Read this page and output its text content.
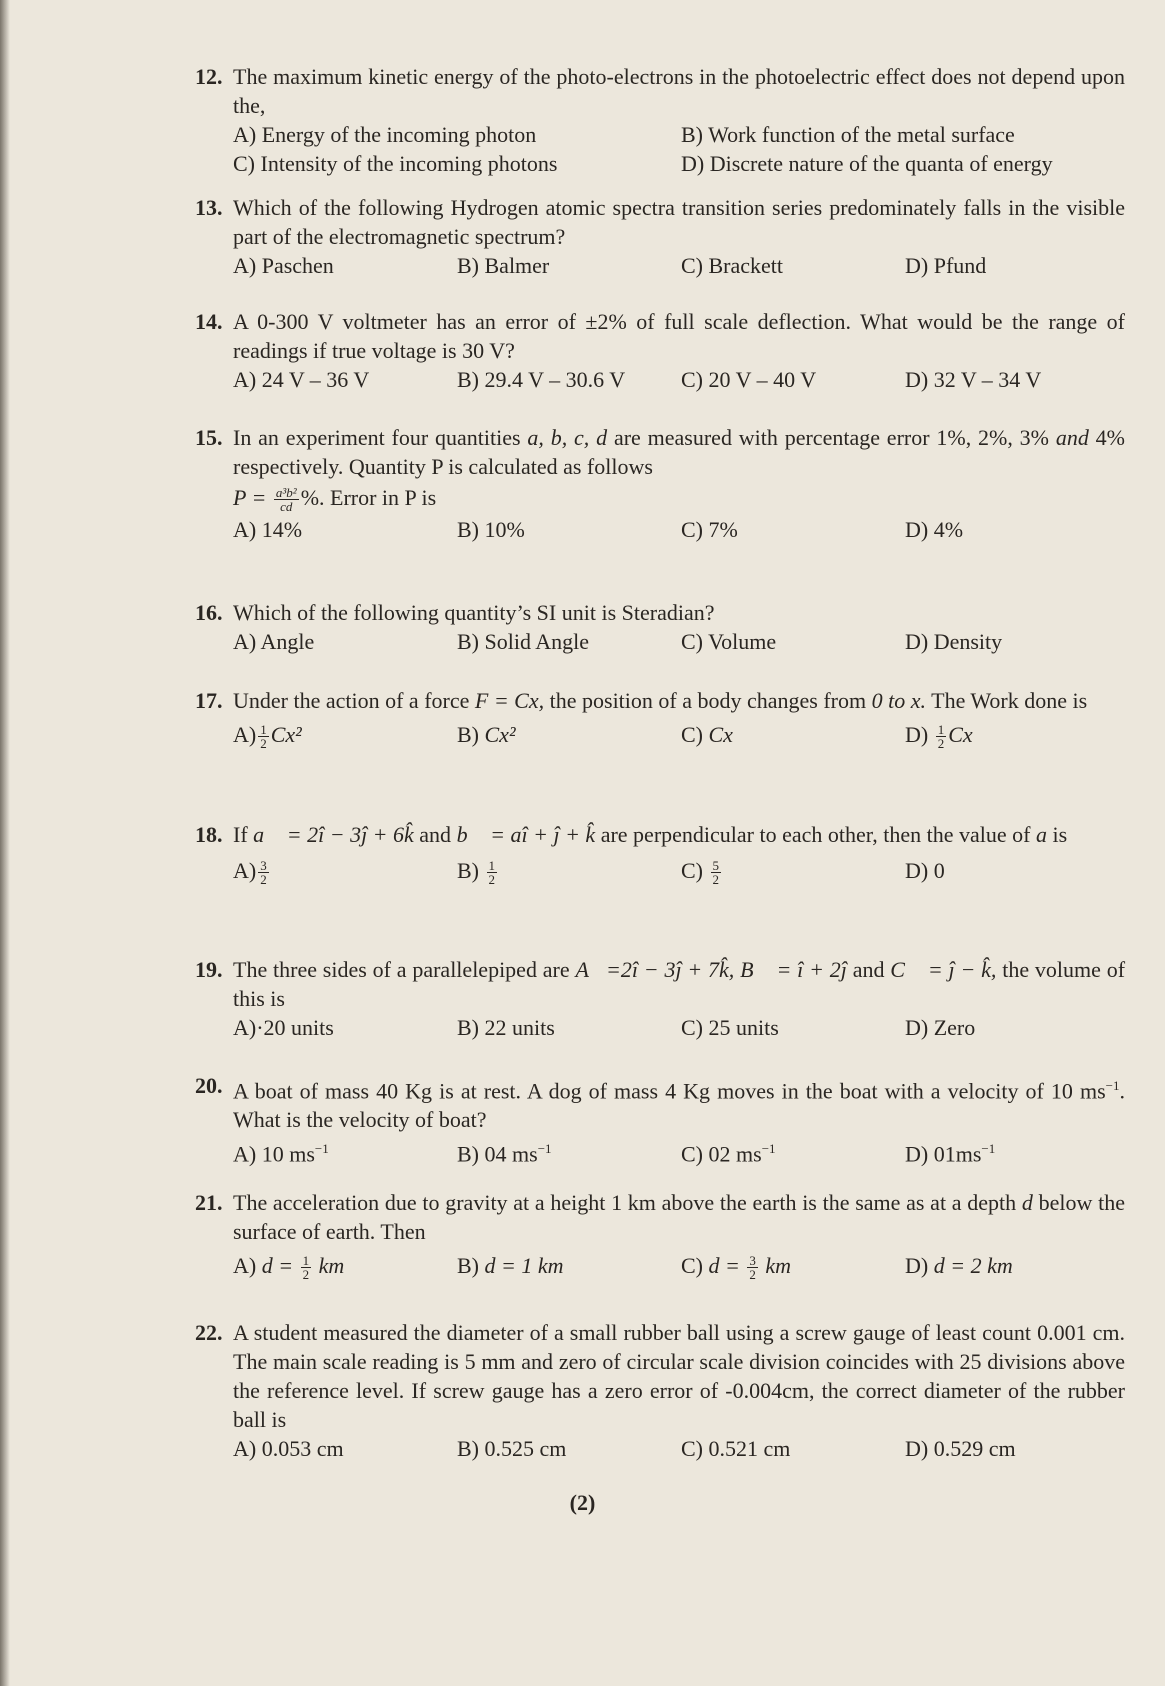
12. The maximum kinetic energy of the photo-electrons in the photoelectric effect does not depend upon the,
A) Energy of the incoming photon	B) Work function of the metal surface
C) Intensity of the incoming photons	D) Discrete nature of the quanta of energy
13. Which of the following Hydrogen atomic spectra transition series predominately falls in the visible part of the electromagnetic spectrum?
A) Paschen	B) Balmer	C) Brackett	D) Pfund
14. A 0-300 V voltmeter has an error of ±2% of full scale deflection. What would be the range of readings if true voltage is 30 V?
A) 24 V – 36 V	B) 29.4 V – 30.6 V	C) 20 V – 40 V	D) 32 V – 34 V
15. In an experiment four quantities a, b, c, d are measured with percentage error 1%, 2%, 3% and 4% respectively. Quantity P is calculated as follows
$P = \frac{\text{a³b²}}{cd}$ %. Error in P is
A) 14%	B) 10%	C) 7%	D) 4%
16. Which of the following quantity’s SI unit is Steradian?
A) Angle	B) Solid Angle	C) Volume	D) Density
17. Under the action of a force F = Cx, the position of a body changes from 0 to x. The Work done is
$A) \frac{1}{2} Cx^2$	B) Cx²	C) Cx	$D) \frac{1}{2}$ Cx
18. If a⃗ = 2î − 3ĵ + 6k̂ and b⃗ = aî + ĵ + k̂ are perpendicular to each other, then the value of a is
$A) \frac{3}{2}$	$B) \frac{1}{2}$	$C) \frac{5}{2}$	D) 0
19. The three sides of a parallelepiped are A⃗=2î − 3ĵ + 7k̂, B⃗ = î + 2ĵ and C⃗ = ĵ − k̂, the volume of this is
A)·20 units	B) 22 units	C) 25 units	D) Zero
20. A boat of mass 40 Kg is at rest. A dog of mass 4 Kg moves in the boat with a velocity of 10 $ms^{-1}$. What is the velocity of boat?
A) 10 $ms^{-1}$	B) 04 $ms^{-1}$	C) 02 $ms^{-1}$	D) $01ms^{-1}$
21. The acceleration due to gravity at a height 1 km above the earth is the same as at a depth d below the surface of earth. Then
A) $d = \frac{1}{2}$ km	B) d = 1 km	C) $d = \frac{3}{2}$ km	D) d = 2 km
22. A student measured the diameter of a small rubber ball using a screw gauge of least count 0.001 cm. The main scale reading is 5 mm and zero of circular scale division coincides with 25 divisions above the reference level. If screw gauge has a zero error of -0.004cm, the correct diameter of the rubber ball is
A) 0.053 cm	B) 0.525 cm	C) 0.521 cm	D) 0.529 cm
(2)
